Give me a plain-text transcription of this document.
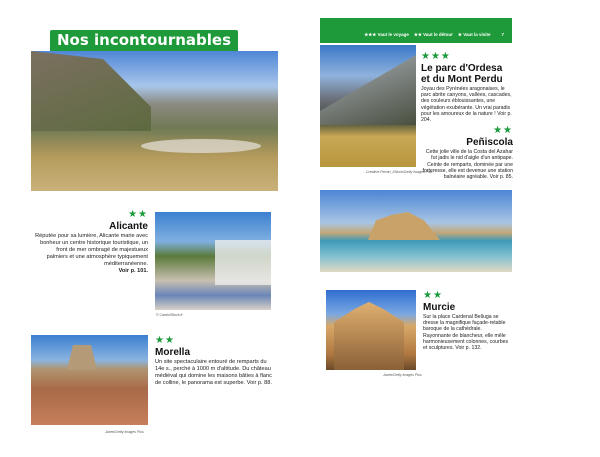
Nos incontournables
★★
Alicante

Réputée pour sa lumière, Alicante marie avec bonheur un centre historique touristique, un front de mer ombragé de majestueux palmiers et une atmosphère typiquement méditerranéenne.

Voir p. 101.

© Cardo/iStock.fr
Jacek/Getty Images Plus
★★
Morella

Un site spectaculaire entouré de remparts du 14e s., perché à 1000 m d'altitude. Du château médiéval qui domine les maisons bâties à flanc de colline, le panorama est superbe. Voir p. 88.

★★★ Vaut le voyage ★★ Vaut le détour ★ Vaut la visite 7
Creative-Ferrari_/iStock/Getty Images Plus
★★★
Le parc d'Ordesa et du Mont Perdu

Joyau des Pyrénées aragonaises, le parc abrite canyons, vallées, cascades, des couleurs éblouissantes, une végétation exubérante. Un vrai paradis pour les amoureux de la nature ! Voir p. 204.

★★
Peñiscola

Cette jolie ville de la Costa del Azahar fut jadis le nid d'aigle d'un antipape. Ceinte de remparts, dominée par une forteresse, elle est devenue une station balnéaire agréable. Voir p. 85.

Jacek/Getty Images Plus
★★
Murcie

Sur la place Cardenal Belluga se dresse la magnifique façade-retable baroque de la cathédrale. Rayonnante de blancheur, elle mêle harmonieusement colonnes, courbes et sculptures. Voir p. 132.
